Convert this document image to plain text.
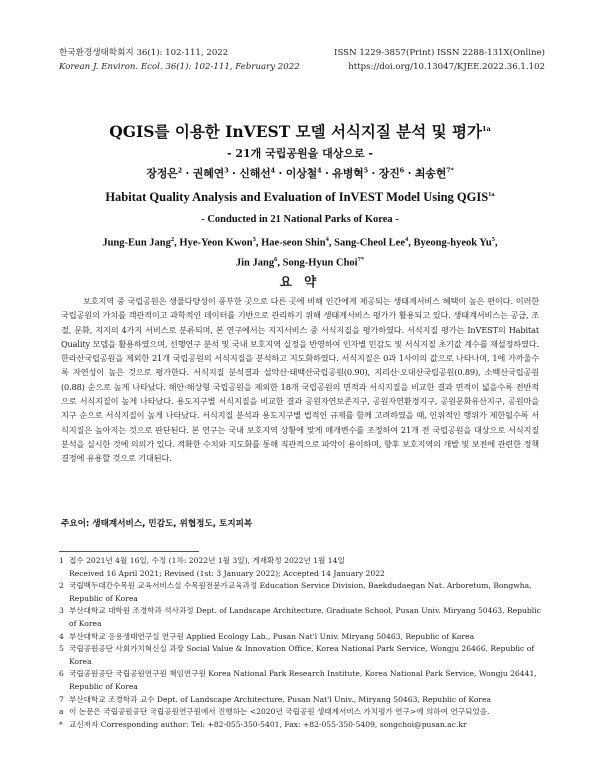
한국환경생태학회지 36(1): 102-111, 2022
Korean J. Environ. Ecol. 36(1): 102-111, February 2022
ISSN 1229-3857(Print) ISSN 2288-131X(Online)
https://doi.org/10.13047/KJEE.2022.36.1.102
QGIS를 이용한 InVEST 모델 서식지질 분석 및 평가$^{1a}$
- 21개 국립공원을 대상으로 -
장정은$^2$ · 권혜연$^3$ · 신해선$^4$ · 이상철$^4$ · 유병혁$^5$ · 장진$^6$ · 최송현$^{7*}$
Habitat Quality Analysis and Evaluation of InVEST Model Using $QGIS^{1a}$
- Conducted in 21 National Parks of Korea -
Jung-Eun Jang$^2$, Hye-Yeon Kwon$^3$, Hae-seon Shin$^4$, Sang-Cheol Lee$^4$, Byeong-hyeok Yu$^5$,
Jin Jang$^6$, Song-Hyun Choi$^{7*}$
요 약
보호지역 중 국립공원은 생물다양성이 풍부한 곳으로 다른 곳에 비해 인간에게 제공되는 생태계서비스 혜택이 높은 편이다. 이러한 국립공원의 가치를 객관적이고 과학적인 데이터를 기반으로 관리하기 위해 생태계서비스 평가가 활용되고 있다. 생태계서비스는 공급, 조절, 문화, 지지의 4가지 서비스로 분류되며, 본 연구에서는 지지서비스 중 서식지질을 평가하였다. 서식지질 평가는 InVEST의 Habitat Quality 모델을 활용하였으며, 선행연구 분석 및 국내 보호지역 실정을 반영하여 인자별 민감도 및 서식지질 초기값 계수를 재설정하였다. 한라산국립공원을 제외한 21개 국립공원의 서식지질을 분석하고 지도화하였다. 서식지질은 0과 1사이의 값으로 나타나며, 1에 가까울수록 자연성이 높은 것으로 평가한다. 서식지질 분석결과 설악산·태백산국립공원(0.90), 지리산·오대산국립공원(0.89), 소백산국립공원(0.88) 순으로 높게 나타났다. 해안·해상형 국립공원을 제외한 18개 국립공원의 면적과 서식지질을 비교한 결과 면적이 넓을수록 전반적으로 서식지질이 높게 나타났다. 용도지구별 서식지질을 비교한 결과 공원자연보존지구, 공원자연환경지구, 공원문화유산지구, 공원마을지구 순으로 서식지질이 높게 나타났다. 서식지질 분석과 용도지구별 법적인 규제를 함께 고려하였을 때, 인위적인 행위가 제한될수록 서식지질은 높아지는 것으로 판단된다. 본 연구는 국내 보호지역 상황에 맞게 매개변수를 조정하여 21개 전 국립공원을 대상으로 서식지질 분석을 실시한 것에 의의가 있다. 적확한 수치와 지도화를 통해 직관적으로 파악이 용이하며, 향후 보호지역의 개발 및 보전에 관련한 정책 결정에 유용할 것으로 기대된다.
주요어: 생태계서비스, 민감도, 위협정도, 토지피복
1 접수 2021년 4월 16일, 수정 (1차: 2022년 1월 3일), 게재확정 2022년 1월 14일
Received 16 April 2021; Revised (1st: 3 January 2022); Accepted 14 January 2022
2 국립백두대간수목원 교육서비스실 수목원전문가교육과정 Education Service Division, Baekdudaegan Nat. Arboretum, Bongwha, Republic of Korea
3 부산대학교 대학원 조경학과 석사과정 Dept. of Landscape Architecture, Graduate School, Pusan Univ. Miryang 50463, Republic of Korea
4 부산대학교 응용생태연구실 연구원 Applied Ecology Lab., Pusan Nat'l Univ. Miryang 50463, Republic of Korea
5 국립공원공단 사회가치혁신실 과장 Social Value & Innovation Office, Korea National Park Service, Wongju 26466, Republic of Korea
6 국립공원공단 국립공원연구원 책임연구원 Korea National Park Research Institute, Korea National Park Service, Wongju 26441, Republic of Korea
7 부산대학교 조경학과 교수 Dept. of Landscape Architecture, Pusan Nat'l Univ., Miryang 50463, Republic of Korea
a 이 논문은 국립공원공단 국립공원연구원에서 진행하는 <2020년 국립공원 생태계서비스 가치평가 연구>에 의하여 연구되었음.
* 교신저자 Corresponding author: Tel: +82-055-350-5401, Fax: +82-055-350-5409, songchoi@pusan.ac.kr
